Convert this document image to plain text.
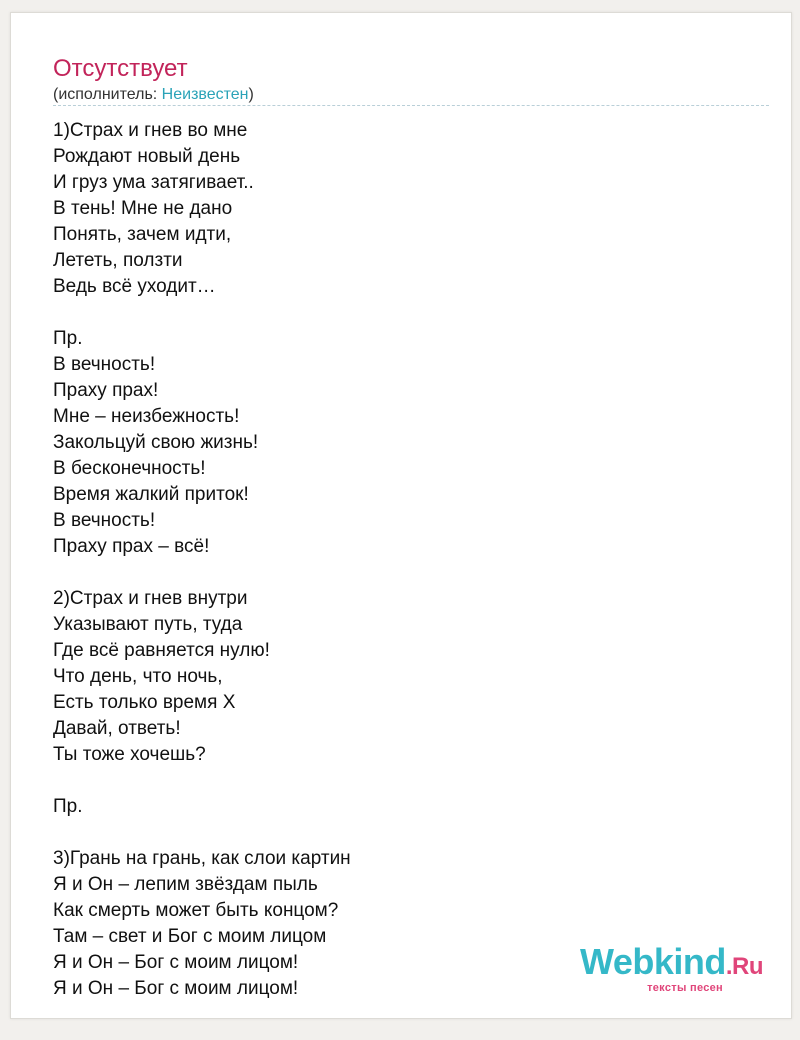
Отсутствует
(исполнитель: Неизвестен)
1)Страх и гнев во мне
Рождают новый день
И груз ума затягивает..
В тень! Мне не дано
Понять, зачем идти,
Лететь, ползти
Ведь всё уходит…
Пр.
В вечность!
Праху прах!
Мне – неизбежность!
Закольцуй свою жизнь!
В бесконечность!
Время жалкий приток!
В вечность!
Праху прах – всё!
2)Страх и гнев внутри
Указывают путь, туда
Где всё равняется нулю!
Что день, что ночь,
Есть только время Х
Давай, ответь!
Ты тоже хочешь?
Пр.
3)Грань на грань, как слои картин
Я и Он – лепим звёздам пыль
Как смерть может быть концом?
Там – свет и Бог с моим лицом
Я и Он – Бог с моим лицом!
Я и Он – Бог с моим лицом!
Webkind.Ru
тексты песен
